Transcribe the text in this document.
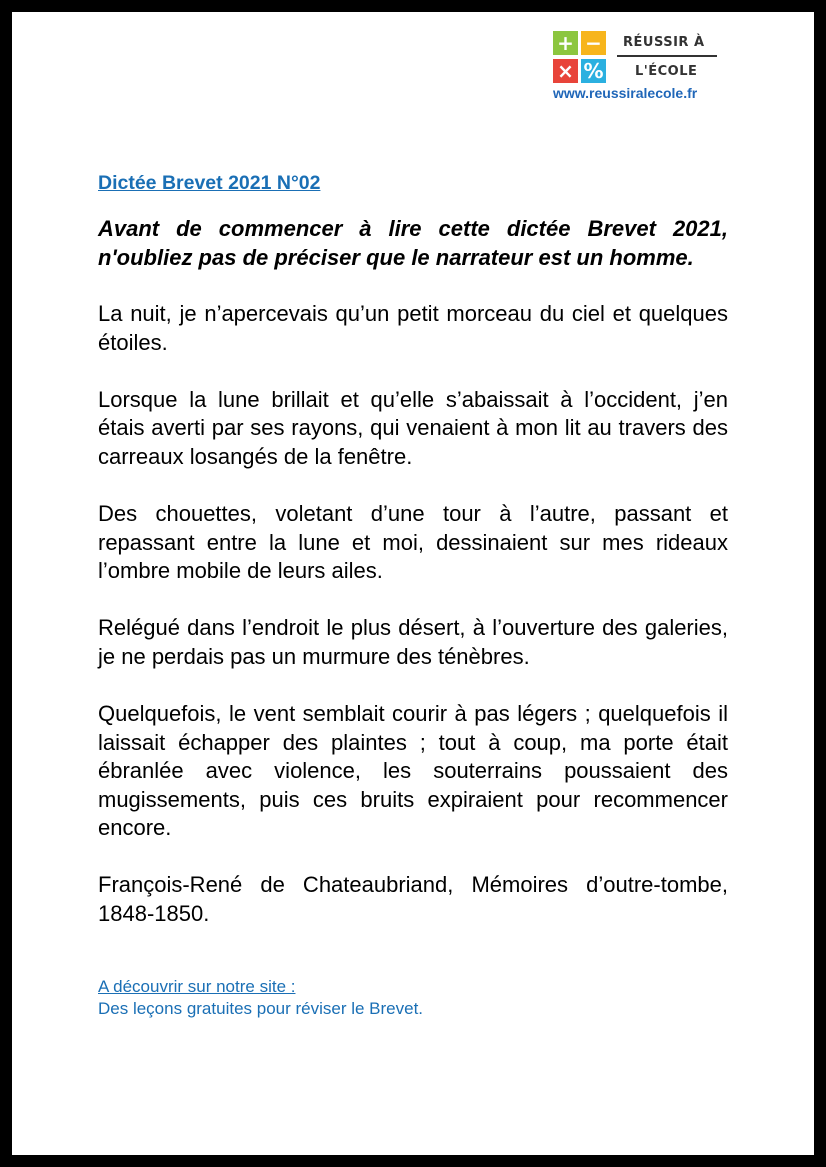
+ −
× %
RÉUSSIR À
L'ÉCOLE
www.reussiralecole.fr
Dictée Brevet 2021 N°02

Avant de commencer à lire cette dictée Brevet 2021, n'oubliez pas de préciser que le narrateur est un homme.

La nuit, je n’apercevais qu’un petit morceau du ciel et quelques étoiles.

Lorsque la lune brillait et qu’elle s’abaissait à l’occident, j’en étais averti par ses rayons, qui venaient à mon lit au travers des carreaux losangés de la fenêtre.

Des chouettes, voletant d’une tour à l’autre, passant et repassant entre la lune et moi, dessinaient sur mes rideaux l’ombre mobile de leurs ailes.

Relégué dans l’endroit le plus désert, à l’ouverture des galeries, je ne perdais pas un murmure des ténèbres.

Quelquefois, le vent semblait courir à pas légers ; quelquefois il laissait échapper des plaintes ; tout à coup, ma porte était ébranlée avec violence, les souterrains poussaient des mugissements, puis ces bruits expiraient pour recommencer encore.

François-René de Chateaubriand, Mémoires d’outre-tombe, 1848-1850.

A découvrir sur notre site :
Des leçons gratuites pour réviser le Brevet.
